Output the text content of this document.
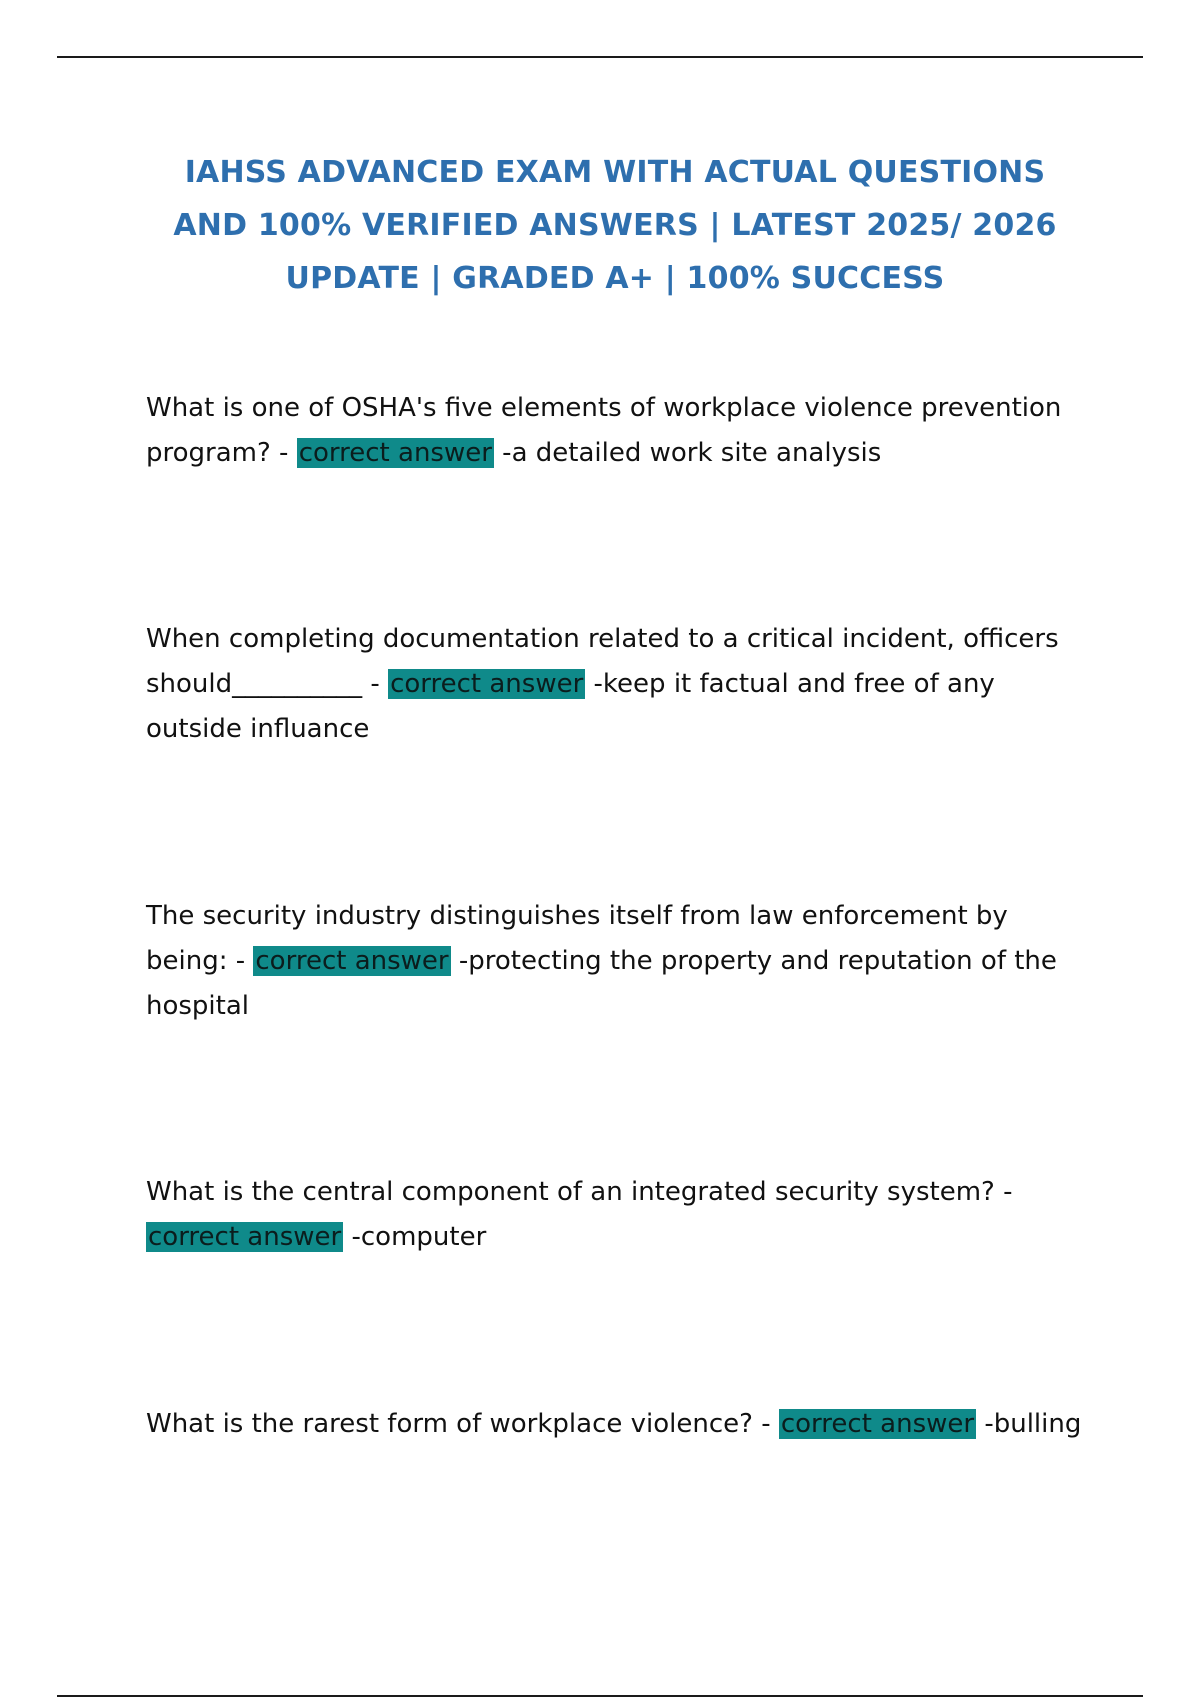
IAHSS ADVANCED EXAM WITH ACTUAL QUESTIONS
AND 100% VERIFIED ANSWERS | LATEST 2025/ 2026
UPDATE | GRADED A+ | 100% SUCCESS
What is one of OSHA's five elements of workplace violence prevention
program? - correct answer -a detailed work site analysis
When completing documentation related to a critical incident, officers
should__________ - correct answer -keep it factual and free of any
outside influance
The security industry distinguishes itself from law enforcement by
being: - correct answer -protecting the property and reputation of the
hospital
What is the central component of an integrated security system? -
correct answer -computer
What is the rarest form of workplace violence? - correct answer -bulling
